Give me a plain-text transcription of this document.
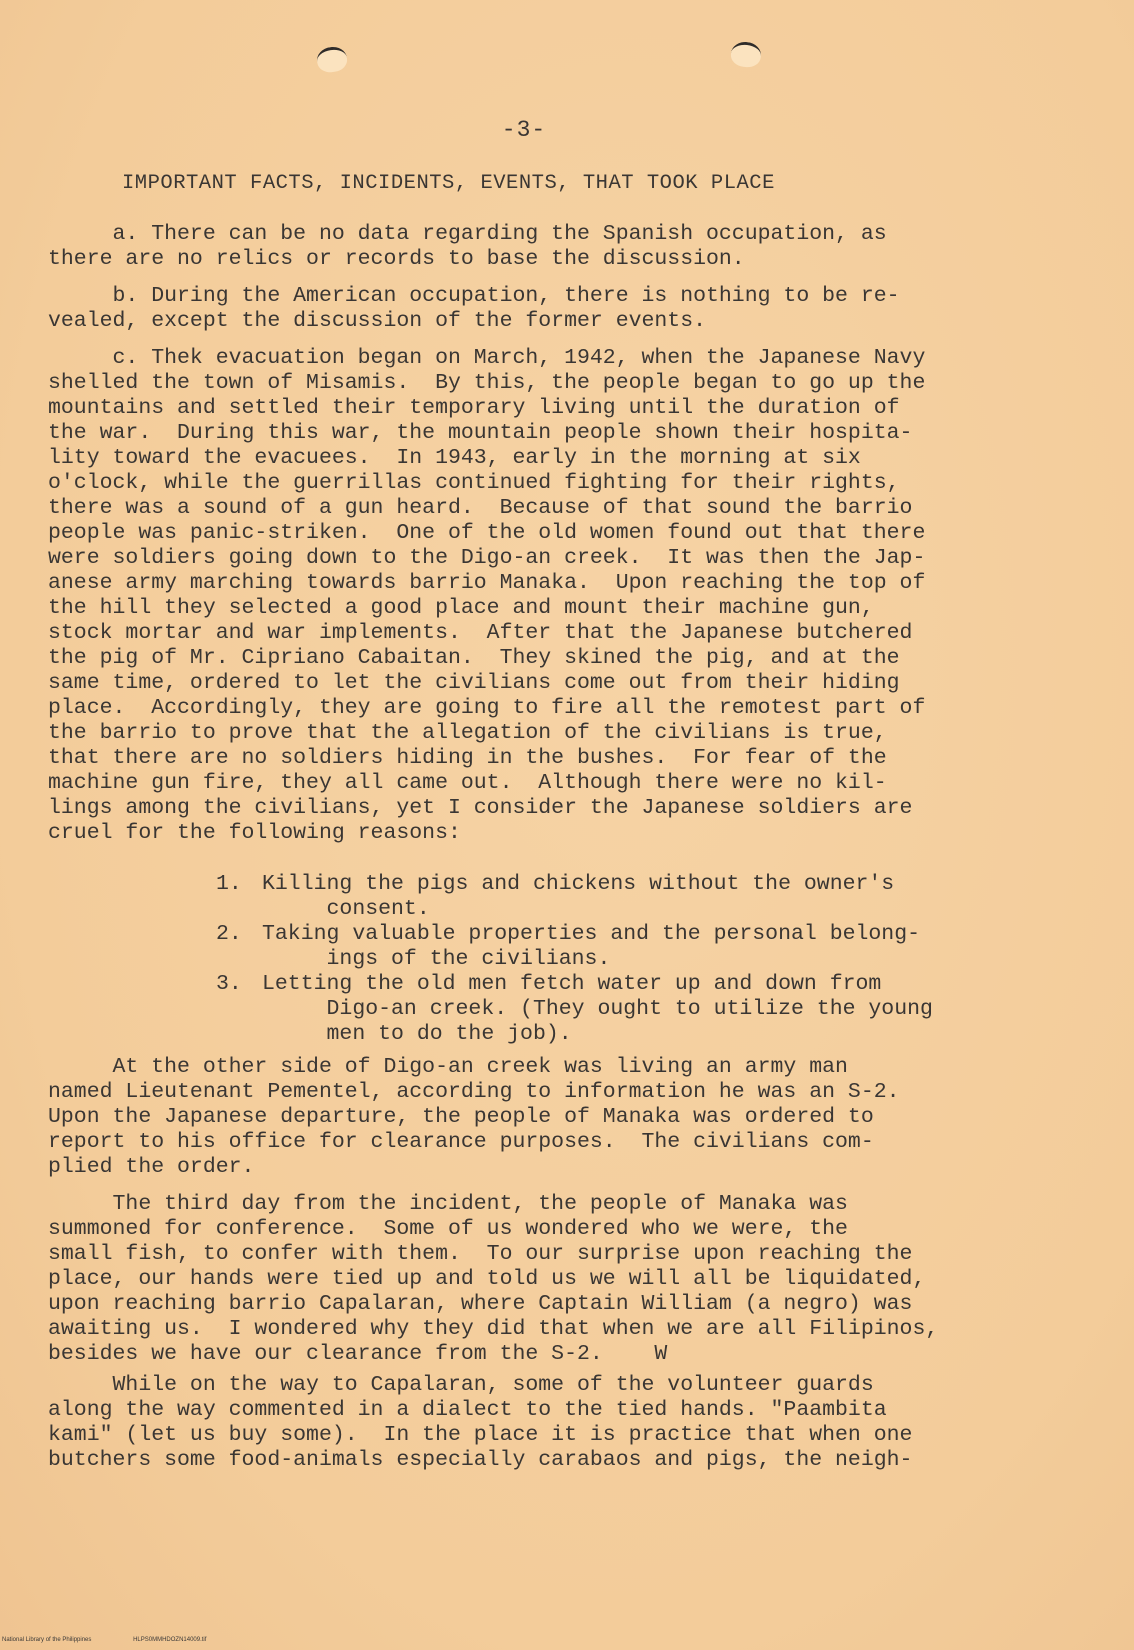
-3-
IMPORTANT FACTS, INCIDENTS, EVENTS, THAT TOOK PLACE

a. There can be no data regarding the Spanish occupation, as
there are no relics or records to base the discussion.

b. During the American occupation, there is nothing to be re-
vealed, except the discussion of the former events.

c. Thek evacuation began on March, 1942, when the Japanese Navy
shelled the town of Misamis.  By this, the people began to go up the
mountains and settled their temporary living until the duration of
the war.  During this war, the mountain people shown their hospita-
lity toward the evacuees.  In 1943, early in the morning at six
o'clock, while the guerrillas continued fighting for their rights,
there was a sound of a gun heard.  Because of that sound the barrio
people was panic-striken.  One of the old women found out that there
were soldiers going down to the Digo-an creek.  It was then the Jap-
anese army marching towards barrio Manaka.  Upon reaching the top of
the hill they selected a good place and mount their machine gun,
stock mortar and war implements.  After that the Japanese butchered
the pig of Mr. Cipriano Cabaitan.  They skined the pig, and at the
same time, ordered to let the civilians come out from their hiding
place.  Accordingly, they are going to fire all the remotest part of
the barrio to prove that the allegation of the civilians is true,
that there are no soldiers hiding in the bushes.  For fear of the
machine gun fire, they all came out.  Although there were no kil-
lings among the civilians, yet I consider the Japanese soldiers are
cruel for the following reasons:

1. Killing the pigs and chickens without the owner's
consent.
2. Taking valuable properties and the personal belong-
ings of the civilians.
3. Letting the old men fetch water up and down from
Digo-an creek. (They ought to utilize the young
men to do the job).

At the other side of Digo-an creek was living an army man
named Lieutenant Pementel, according to information he was an S-2.
Upon the Japanese departure, the people of Manaka was ordered to
report to his office for clearance purposes.  The civilians com-
plied the order.

The third day from the incident, the people of Manaka was
summoned for conference.  Some of us wondered who we were, the
small fish, to confer with them.  To our surprise upon reaching the
place, our hands were tied up and told us we will all be liquidated,
upon reaching barrio Capalaran, where Captain William (a negro) was
awaiting us.  I wondered why they did that when we are all Filipinos,
besides we have our clearance from the S-2.    W

While on the way to Capalaran, some of the volunteer guards
along the way commented in a dialect to the tied hands. "Paambita
kami" (let us buy some).  In the place it is practice that when one
butchers some food-animals especially carabaos and pigs, the neigh-

National Library of the Philippines	HLPS0MMHDOZN14009.tif
